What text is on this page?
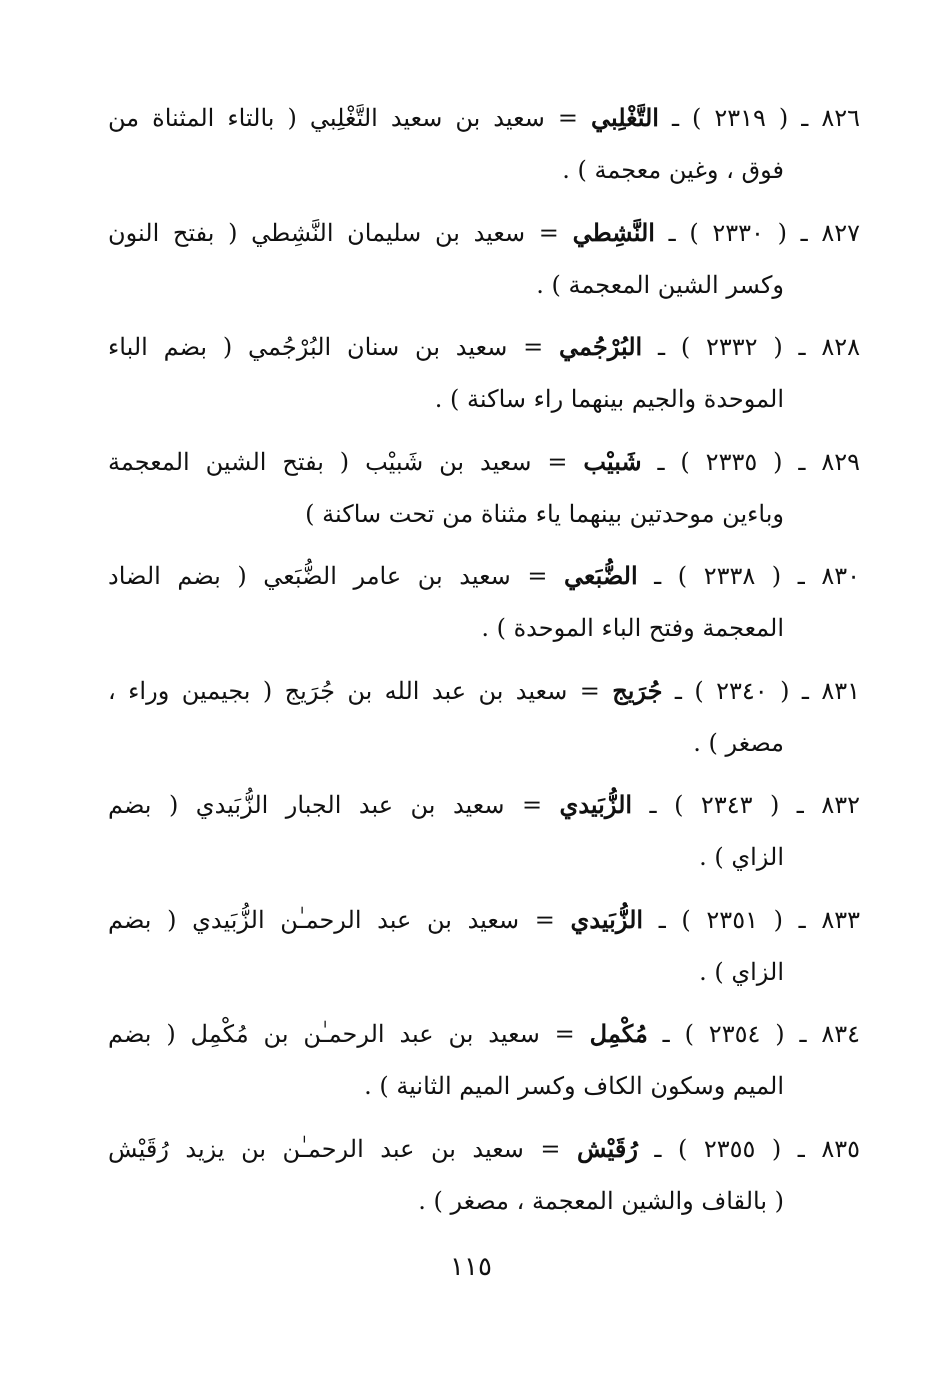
٨٢٦ ـ ( ٢٣١٩ ) ـ التَّغْلِبي = سعيد بن سعيد التَّغْلِبي ( بالتاء المثناة من
فوق ، وغين معجمة ) .
٨٢٧ ـ ( ٢٣٣٠ ) ـ النَّشِطي = سعيد بن سليمان النَّشِطي ( بفتح النون
وكسر الشين المعجمة ) .
٨٢٨ ـ ( ٢٣٣٢ ) ـ البُرْجُمي = سعيد بن سنان البُرْجُمي ( بضم الباء
الموحدة والجيم بينهما راء ساكنة ) .
٨٢٩ ـ ( ٢٣٣٥ ) ـ شَبيْب = سعيد بن شَبيْب ( بفتح الشين المعجمة
وباءين موحدتين بينهما ياء مثناة من تحت ساكنة )
٨٣٠ ـ ( ٢٣٣٨ ) ـ الضُّبَعي = سعيد بن عامر الضُّبَعي ( بضم الضاد
المعجمة وفتح الباء الموحدة ) .
٨٣١ ـ ( ٢٣٤٠ ) ـ جُرَيج = سعيد بن عبد الله بن جُرَيج ( بجيمين وراء ،
مصغر ) .
٨٣٢ ـ ( ٢٣٤٣ ) ـ الزُّبَيدي = سعيد بن عبد الجبار الزُّبَيدي ( بضم
الزاي ) .
٨٣٣ ـ ( ٢٣٥١ ) ـ الزُّبَيدي = سعيد بن عبد الرحمـٰن الزُّبَيدي ( بضم
الزاي ) .
٨٣٤ ـ ( ٢٣٥٤ ) ـ مُكْمِل = سعيد بن عبد الرحمـٰن بن مُكْمِل ( بضم
الميم وسكون الكاف وكسر الميم الثانية ) .
٨٣٥ ـ ( ٢٣٥٥ ) ـ رُقَيْش = سعيد بن عبد الرحمـٰن بن يزيد رُقَيْش
( بالقاف والشين المعجمة ، مصغر ) .
١١٥
